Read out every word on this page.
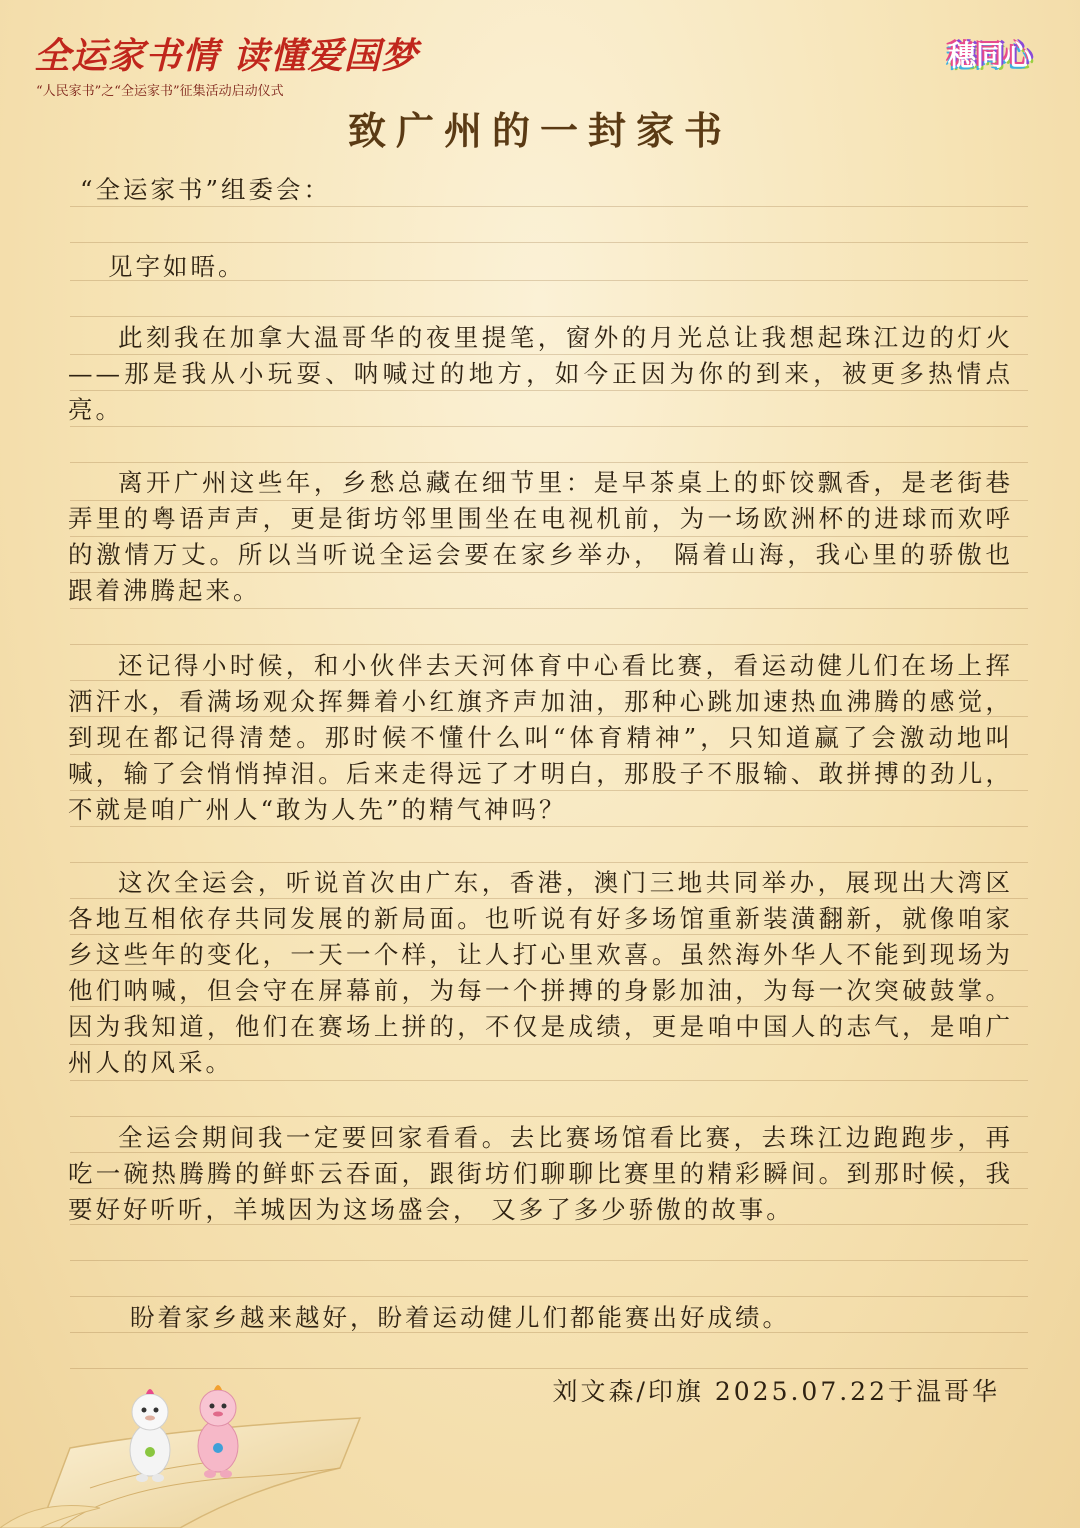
全运家书情 读懂爱国梦
“人民家书”之“全运家书”征集活动启动仪式
穗同心
致广州的一封家书

“全运家书”组委会：

见字如晤。

此刻我在加拿大温哥华的夜里提笔，窗外的月光总让我想起珠江边的灯火——那是我从小玩耍、呐喊过的地方，如今正因为你的到来，被更多热情点亮。

离开广州这些年，乡愁总藏在细节里：是早茶桌上的虾饺飘香，是老街巷弄里的粤语声声，更是街坊邻里围坐在电视机前，为一场欧洲杯的进球而欢呼的激情万丈。所以当听说全运会要在家乡举办， 隔着山海，我心里的骄傲也跟着沸腾起来。

还记得小时候，和小伙伴去天河体育中心看比赛，看运动健儿们在场上挥洒汗水，看满场观众挥舞着小红旗齐声加油，那种心跳加速热血沸腾的感觉，到现在都记得清楚。那时候不懂什么叫“体育精神”，只知道赢了会激动地叫喊，输了会悄悄掉泪。后来走得远了才明白，那股子不服输、敢拼搏的劲儿，不就是咱广州人“敢为人先”的精气神吗？

这次全运会，听说首次由广东，香港，澳门三地共同举办，展现出大湾区各地互相依存共同发展的新局面。也听说有好多场馆重新装潢翻新，就像咱家乡这些年的变化，一天一个样，让人打心里欢喜。虽然海外华人不能到现场为他们呐喊，但会守在屏幕前，为每一个拼搏的身影加油，为每一次突破鼓掌。因为我知道，他们在赛场上拼的，不仅是成绩，更是咱中国人的志气，是咱广州人的风采。

全运会期间我一定要回家看看。去比赛场馆看比赛，去珠江边跑跑步，再吃一碗热腾腾的鲜虾云吞面，跟街坊们聊聊比赛里的精彩瞬间。到那时候，我要好好听听，羊城因为这场盛会， 又多了多少骄傲的故事。

盼着家乡越来越好，盼着运动健儿们都能赛出好成绩。

刘文森/印旗 2025.07.22于温哥华
